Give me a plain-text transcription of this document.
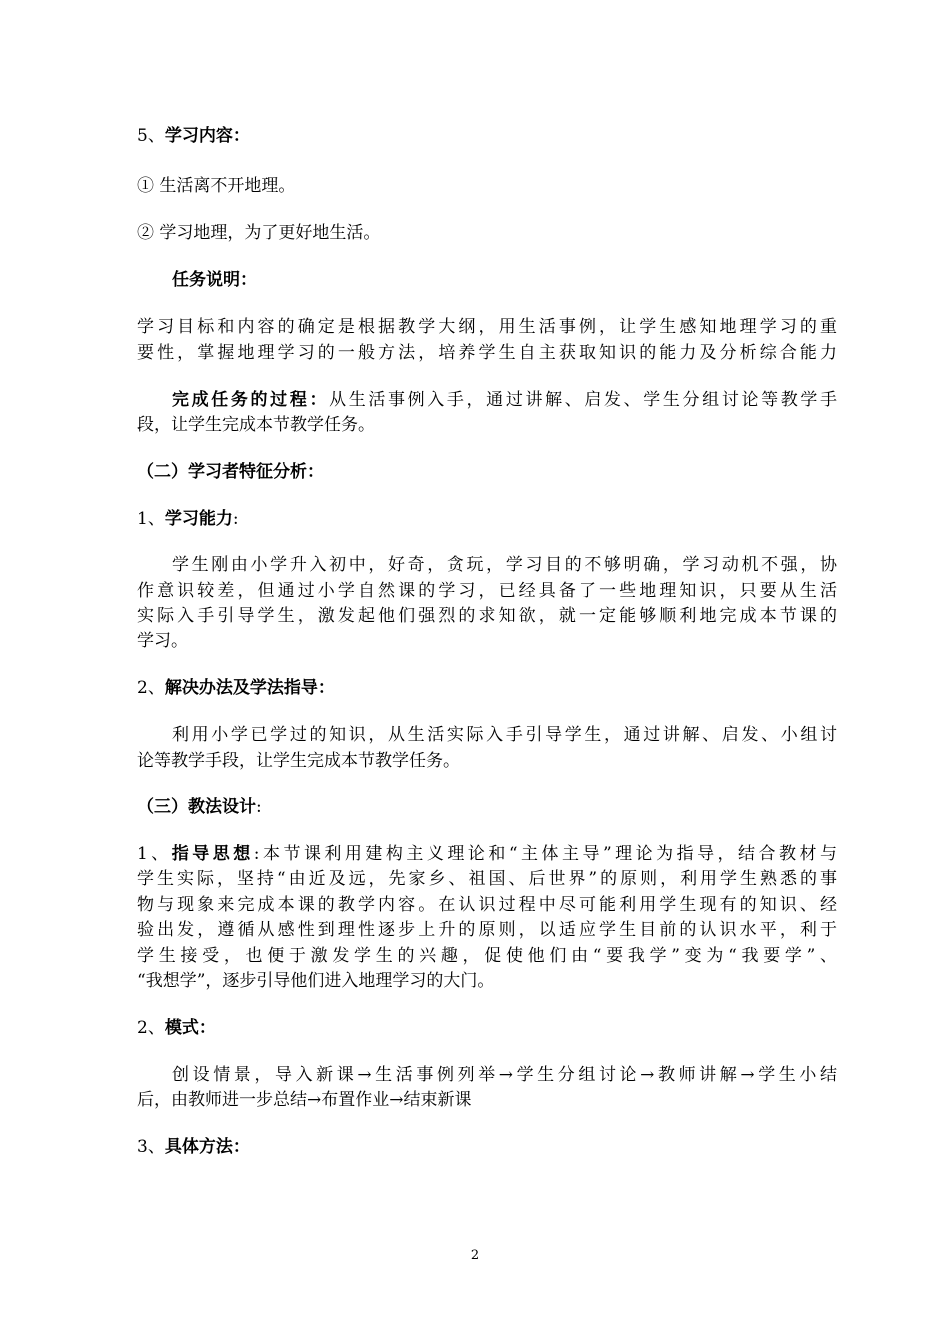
5、学习内容：
① 生活离不开地理。
② 学习地理，为了更好地生活。
任务说明：
学习目标和内容的确定是根据教学大纲，用生活事例，让学生感知地理学习的重
要性，掌握地理学习的一般方法，培养学生自主获取知识的能力及分析综合能力
完成任务的过程：从生活事例入手，通过讲解、启发、学生分组讨论等教学手
段，让学生完成本节教学任务。
（二）学习者特征分析：
1、学习能力:
学生刚由小学升入初中，好奇，贪玩，学习目的不够明确，学习动机不强，协
作意识较差，但通过小学自然课的学习，已经具备了一些地理知识，只要从生活
实际入手引导学生，激发起他们强烈的求知欲，就一定能够顺利地完成本节课的
学习。
2、解决办法及学法指导：
利用小学已学过的知识，从生活实际入手引导学生，通过讲解、启发、小组讨
论等教学手段，让学生完成本节教学任务。
（三）教法设计:
1、指导思想:本节课利用建构主义理论和“主体主导”理论为指导，结合教材与
学生实际，坚持“由近及远，先家乡、祖国、后世界”的原则，利用学生熟悉的事
物与现象来完成本课的教学内容。在认识过程中尽可能利用学生现有的知识、经
验出发，遵循从感性到理性逐步上升的原则，以适应学生目前的认识水平，利于
学生接受，也便于激发学生的兴趣，促使他们由“要我学”变为“我要学”、
“我想学”，逐步引导他们进入地理学习的大门。
2、模式：
创设情景，导入新课→生活事例列举→学生分组讨论→教师讲解→学生小结
后，由教师进一步总结→布置作业→结束新课
3、具体方法：
2
